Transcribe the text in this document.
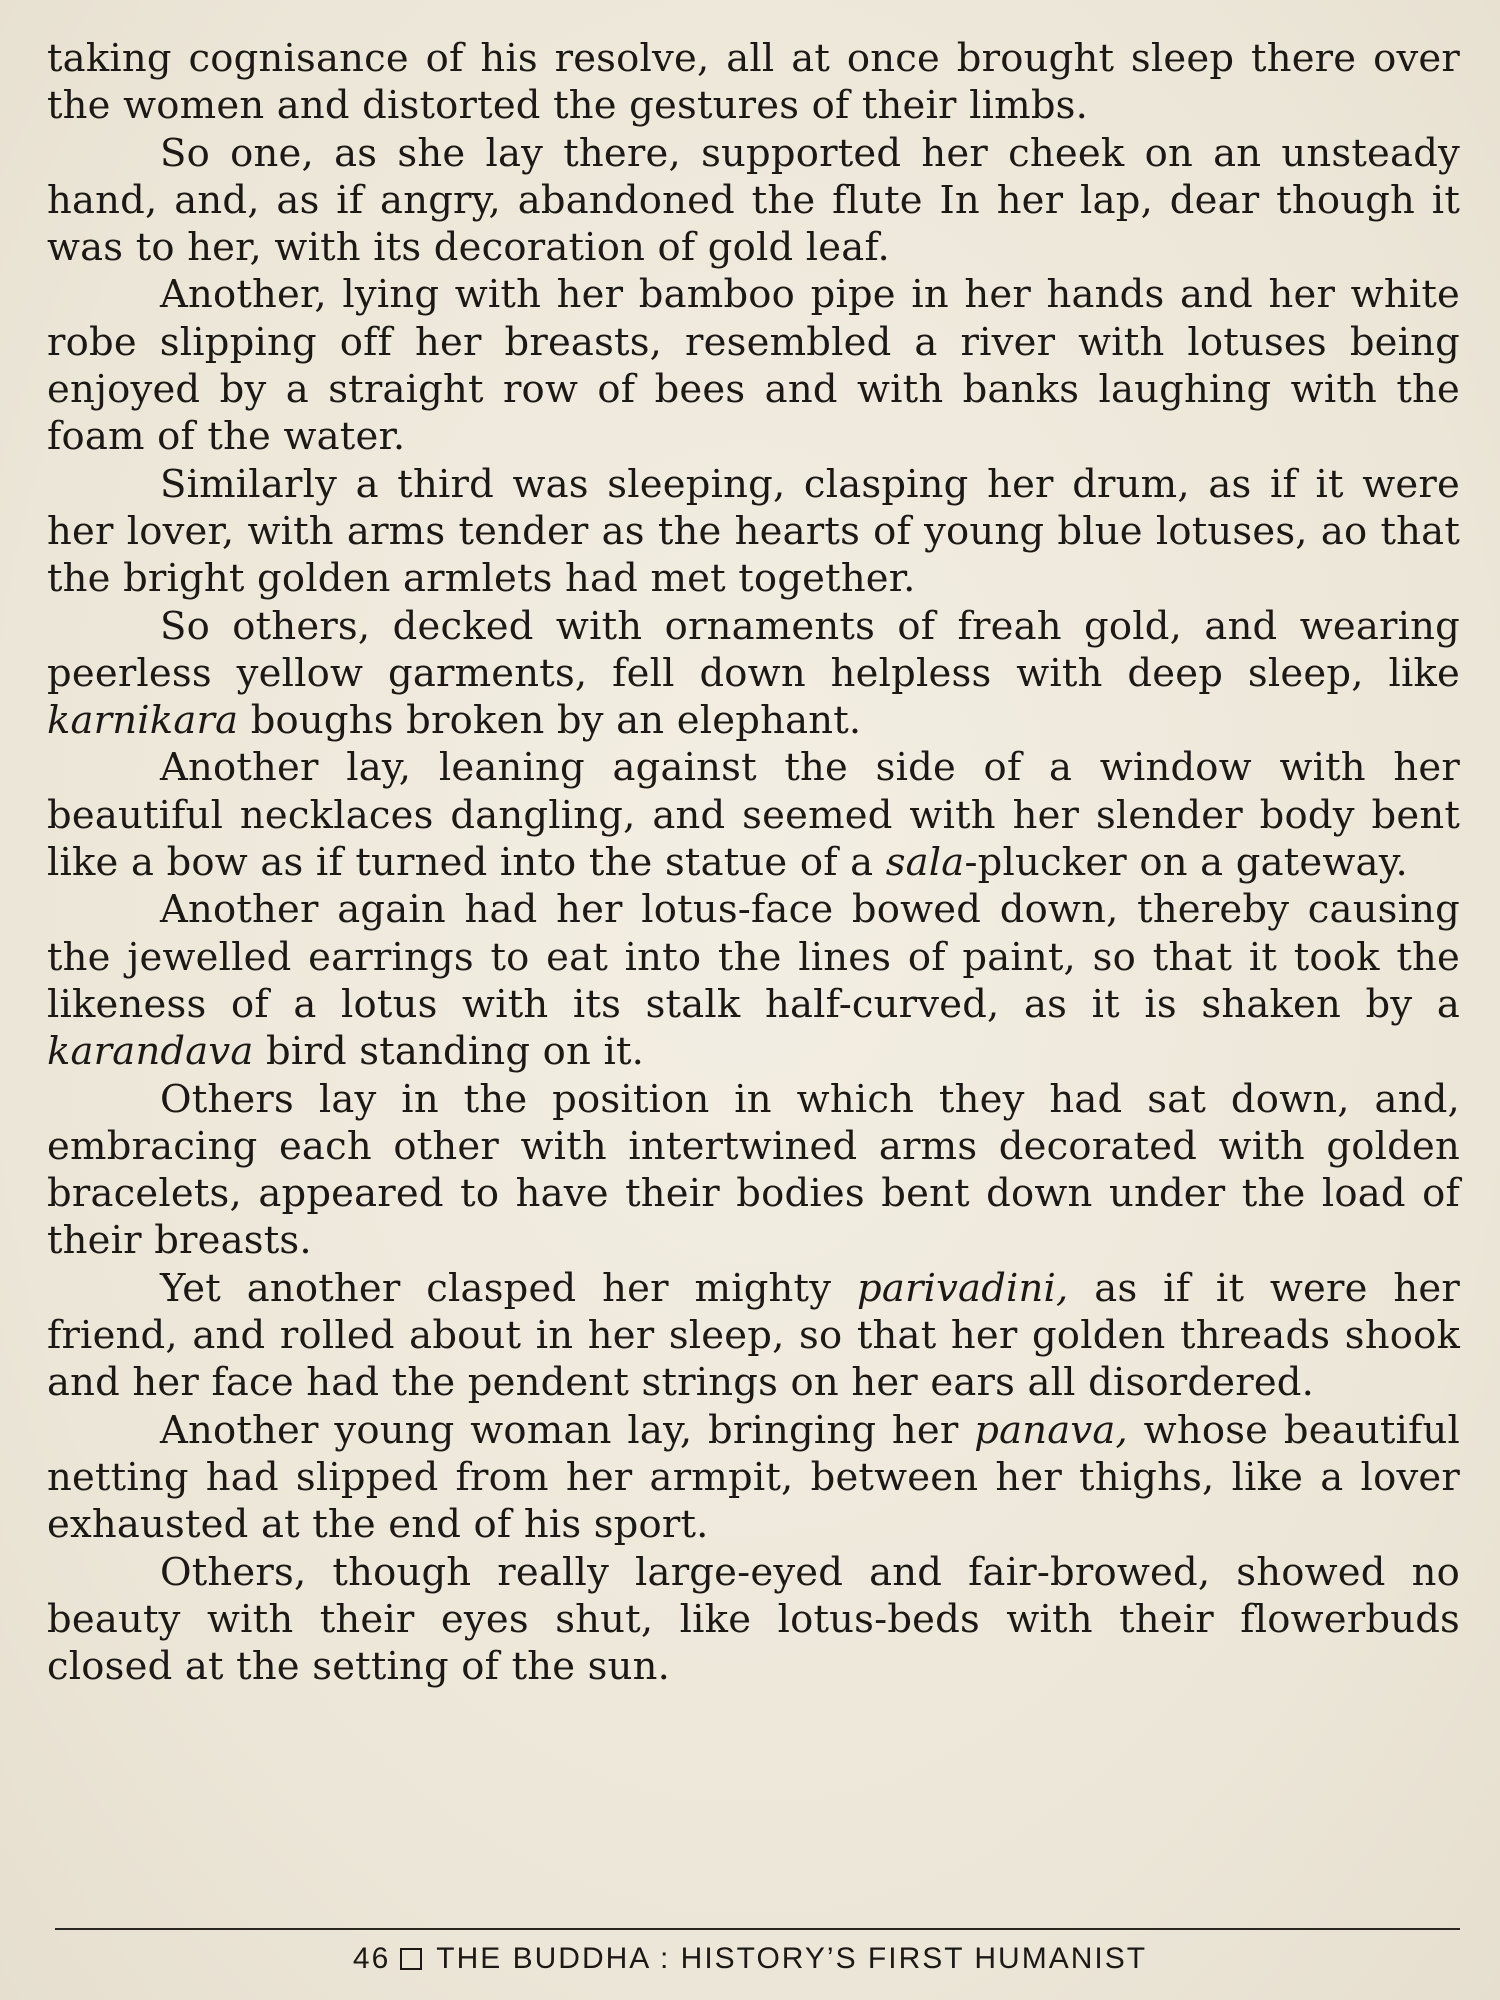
taking cognisance of his resolve, all at once brought sleep there over the women and distorted the gestures of their limbs.

So one, as she lay there, supported her cheek on an unsteady hand, and, as if angry, abandoned the flute In her lap, dear though it was to her, with its decoration of gold leaf.

Another, lying with her bamboo pipe in her hands and her white robe slipping off her breasts, resembled a river with lotuses being enjoyed by a straight row of bees and with banks laughing with the foam of the water.

Similarly a third was sleeping, clasping her drum, as if it were her lover, with arms tender as the hearts of young blue lotuses, ao that the bright golden armlets had met together.

So others, decked with ornaments of freah gold, and wearing peerless yellow garments, fell down helpless with deep sleep, like karnikara boughs broken by an elephant.

Another lay, leaning against the side of a window with her beautiful necklaces dangling, and seemed with her slender body bent like a bow as if turned into the statue of a sala-plucker on a gateway.

Another again had her lotus-face bowed down, thereby causing the jewelled earrings to eat into the lines of paint, so that it took the likeness of a lotus with its stalk half-curved, as it is shaken by a karandava bird standing on it.

Others lay in the position in which they had sat down, and, embracing each other with intertwined arms decorated with golden bracelets, appeared to have their bodies bent down under the load of their breasts.

Yet another clasped her mighty parivadini, as if it were her friend, and rolled about in her sleep, so that her golden threads shook and her face had the pendent strings on her ears all disordered.

Another young woman lay, bringing her panava, whose beautiful netting had slipped from her armpit, between her thighs, like a lover exhausted at the end of his sport.

Others, though really large-eyed and fair-browed, showed no beauty with their eyes shut, like lotus-beds with their flowerbuds closed at the setting of the sun.

46 THE BUDDHA : HISTORY’S FIRST HUMANIST
